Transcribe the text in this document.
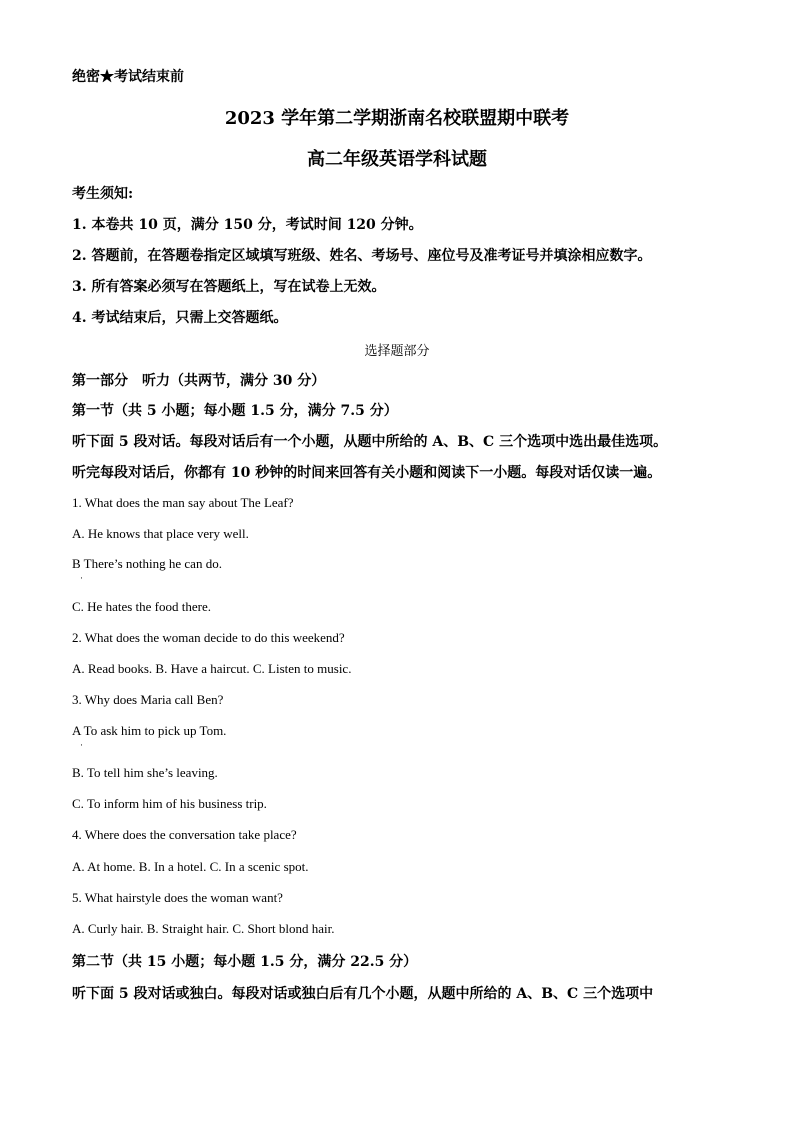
绝密★考试结束前
2023 学年第二学期浙南名校联盟期中联考
高二年级英语学科试题
考生须知:
1. 本卷共 10 页，满分 150 分，考试时间 120 分钟。
2. 答题前，在答题卷指定区域填写班级、姓名、考场号、座位号及准考证号并填涂相应数字。
3. 所有答案必须写在答题纸上，写在试卷上无效。
4. 考试结束后，只需上交答题纸。
选择题部分
第一部分　听力（共两节，满分 30 分）
第一节（共 5 小题；每小题 1.5 分，满分 7.5 分）
听下面 5 段对话。每段对话后有一个小题，从题中所给的 A、B、C 三个选项中选出最佳选项。
听完每段对话后，你都有 10 秒钟的时间来回答有关小题和阅读下一小题。每段对话仅读一遍。
1. What does the man say about The Leaf?
A. He knows that place very well.
B There’s nothing he can do.
·
C. He hates the food there.
2. What does the woman decide to do this weekend?
A. Read books. B. Have a haircut. C. Listen to music.
3. Why does Maria call Ben?
A To ask him to pick up Tom.
·
B. To tell him she’s leaving.
C. To inform him of his business trip.
4. Where does the conversation take place?
A. At home. B. In a hotel. C. In a scenic spot.
5. What hairstyle does the woman want?
A. Curly hair. B. Straight hair. C. Short blond hair.
第二节（共 15 小题；每小题 1.5 分，满分 22.5 分）
听下面 5 段对话或独白。每段对话或独白后有几个小题，从题中所给的 A、B、C 三个选项中
